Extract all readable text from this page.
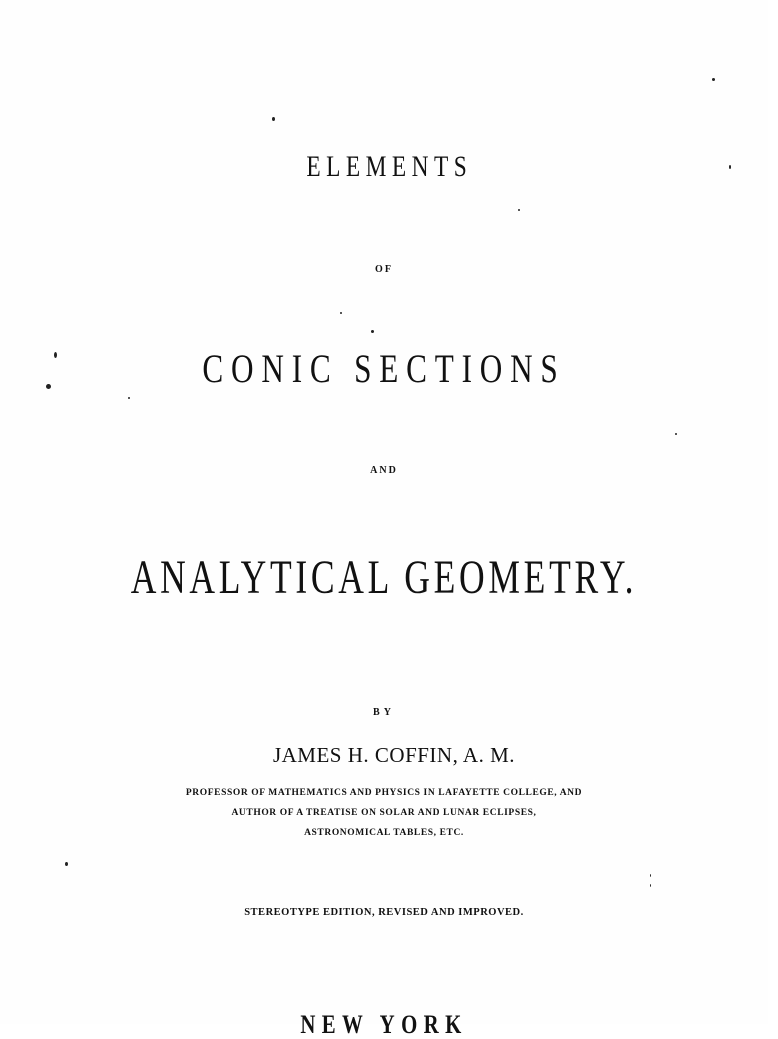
ELEMENTS
OF
CONIC SECTIONS
AND
ANALYTICAL GEOMETRY.
BY
JAMES H. COFFIN, A. M.
PROFESSOR OF MATHEMATICS AND PHYSICS IN LAFAYETTE COLLEGE, AND
AUTHOR OF A TREATISE ON SOLAR AND LUNAR ECLIPSES,
ASTRONOMICAL TABLES, ETC.
STEREOTYPE EDITION, REVISED AND IMPROVED.
NEW YORK
